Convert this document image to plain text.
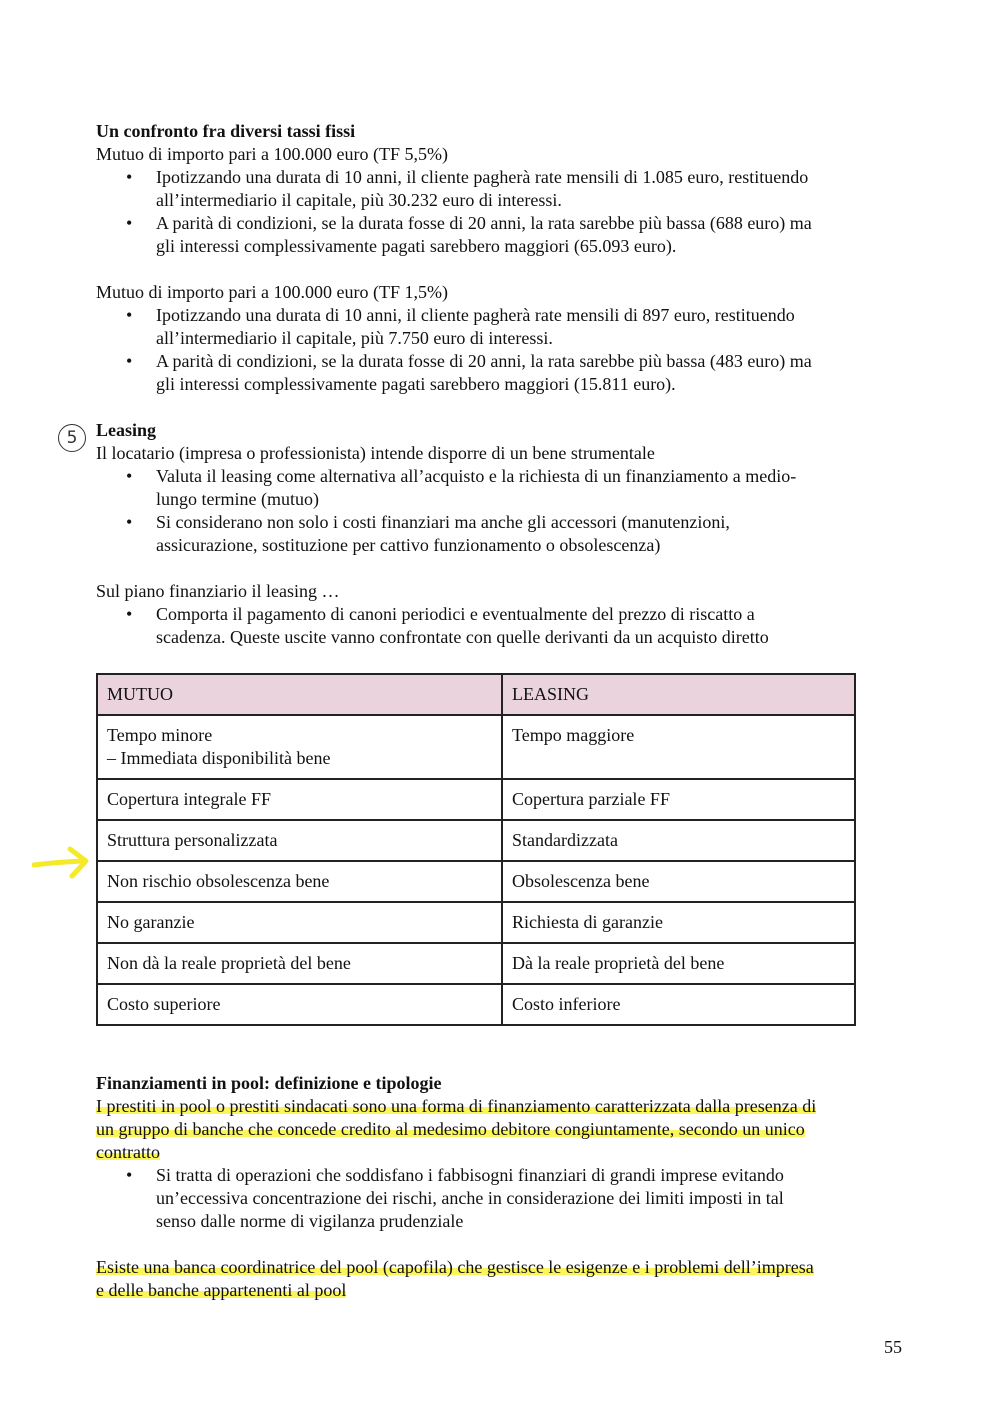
5

Un confronto fra diversi tassi fissi

Mutuo di importo pari a 100.000 euro (TF 5,5%)

• Ipotizzando una durata di 10 anni, il cliente pagherà rate mensili di 1.085 euro, restituendo
all’intermediario il capitale, più 30.232 euro di interessi.
• A parità di condizioni, se la durata fosse di 20 anni, la rata sarebbe più bassa (688 euro) ma
gli interessi complessivamente pagati sarebbero maggiori (65.093 euro).

Mutuo di importo pari a 100.000 euro (TF 1,5%)

• Ipotizzando una durata di 10 anni, il cliente pagherà rate mensili di 897 euro, restituendo
all’intermediario il capitale, più 7.750 euro di interessi.
• A parità di condizioni, se la durata fosse di 20 anni, la rata sarebbe più bassa (483 euro) ma
gli interessi complessivamente pagati sarebbero maggiori (15.811 euro).

Leasing

Il locatario (impresa o professionista) intende disporre di un bene strumentale

• Valuta il leasing come alternativa all’acquisto e la richiesta di un finanziamento a medio-
lungo termine (mutuo)
• Si considerano non solo i costi finanziari ma anche gli accessori (manutenzioni,
assicurazione, sostituzione per cattivo funzionamento o obsolescenza)

Sul piano finanziario il leasing …

• Comporta il pagamento di canoni periodici e eventualmente del prezzo di riscatto a
scadenza. Queste uscite vanno confrontate con quelle derivanti da un acquisto diretto
MUTUO	LEASING

Tempo minore
– Immediata disponibilità bene	Tempo maggiore

Copertura integrale FF	Copertura parziale FF

Struttura personalizzata	Standardizzata

Non rischio obsolescenza bene	Obsolescenza bene

No garanzie	Richiesta di garanzie

Non dà la reale proprietà del bene	Dà la reale proprietà del bene

Costo superiore	Costo inferiore

Finanziamenti in pool: definizione e tipologie

I prestiti in pool o prestiti sindacati sono una forma di finanziamento caratterizzata dalla presenza di

un gruppo di banche che concede credito al medesimo debitore congiuntamente, secondo un unico

contratto

• Si tratta di operazioni che soddisfano i fabbisogni finanziari di grandi imprese evitando
un’eccessiva concentrazione dei rischi, anche in considerazione dei limiti imposti in tal
senso dalle norme di vigilanza prudenziale

Esiste una banca coordinatrice del pool (capofila) che gestisce le esigenze e i problemi dell’impresa

e delle banche appartenenti al pool

55
